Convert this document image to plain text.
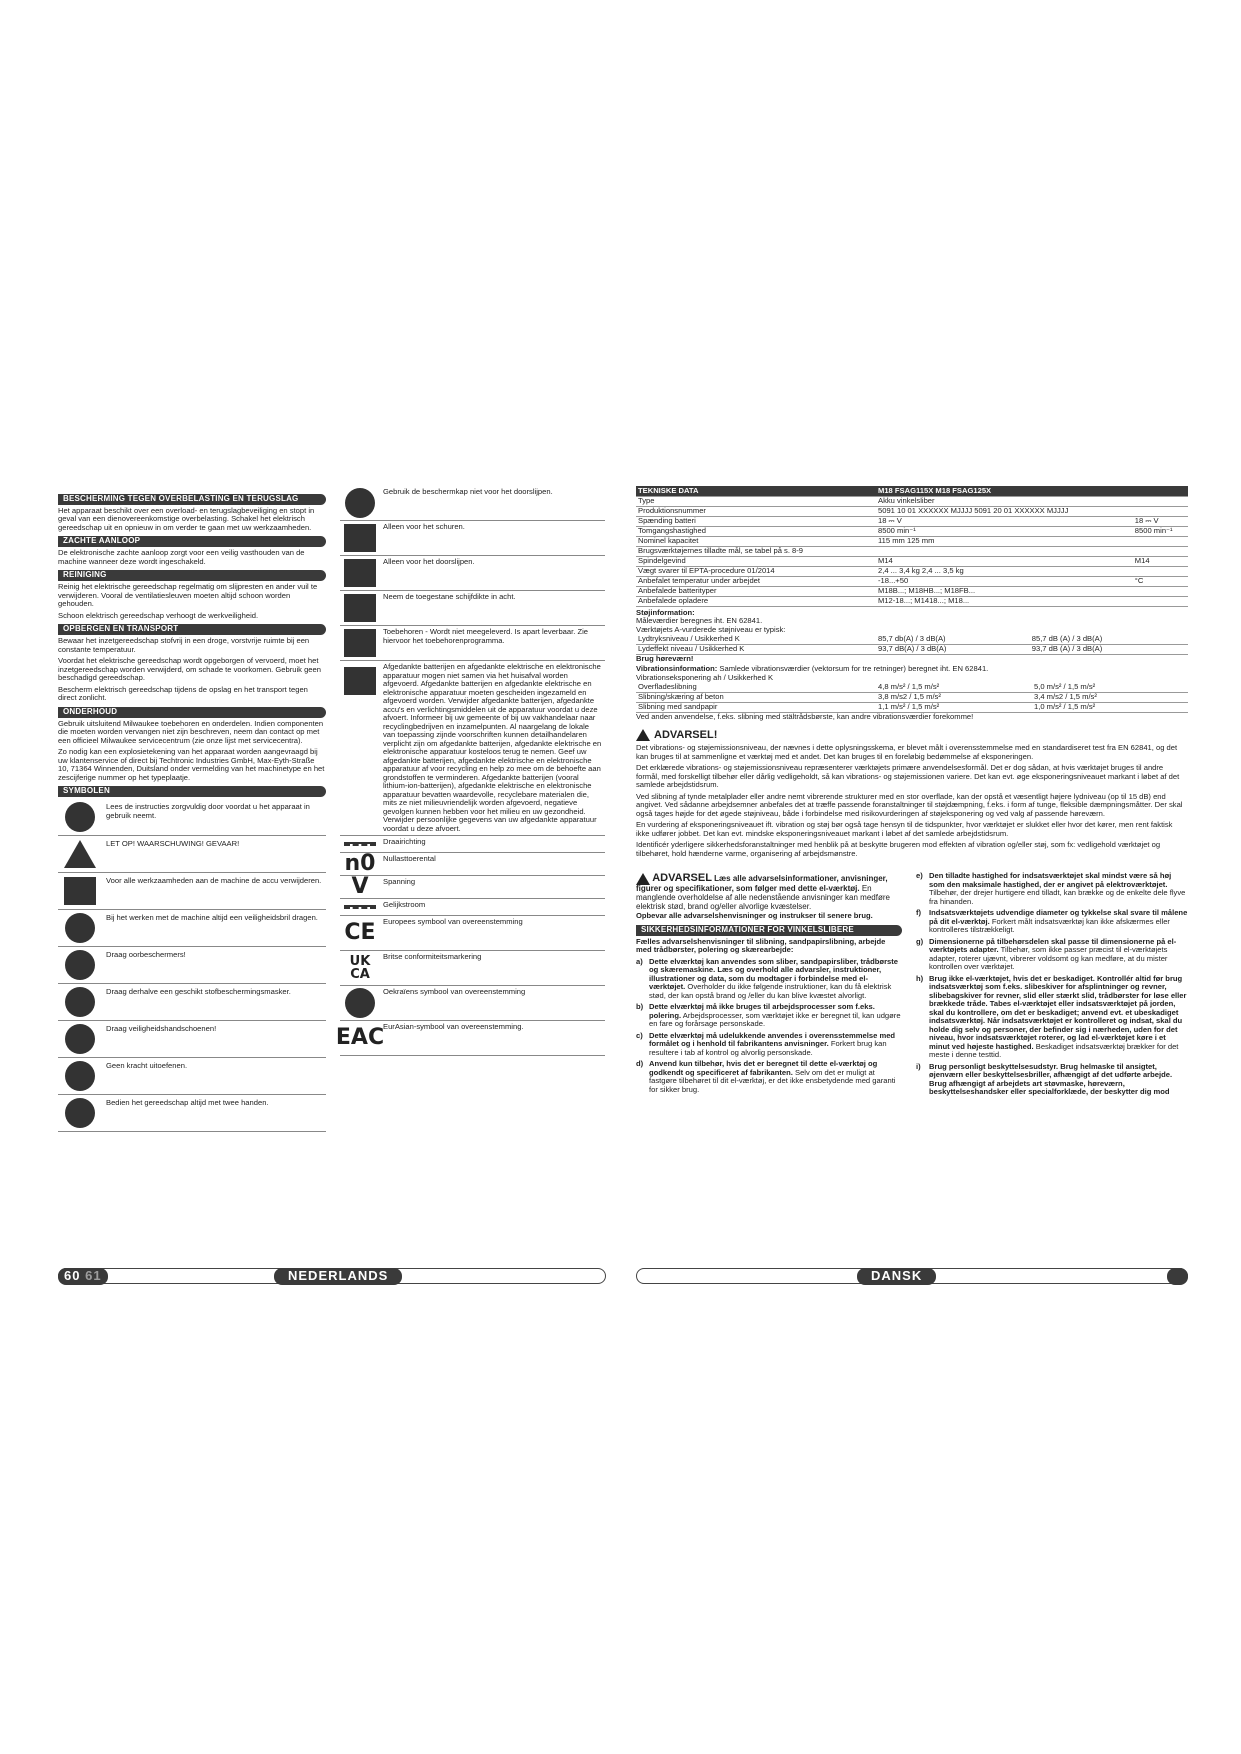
BESCHERMING TEGEN OVERBELASTING EN TERUGSLAG

Het apparaat beschikt over een overload- en terugslagbeveiliging en stopt in geval van een dienovereenkomstige overbelasting. Schakel het elektrisch gereedschap uit en opnieuw in om verder te gaan met uw werkzaamheden.

ZACHTE AANLOOP

De elektronische zachte aanloop zorgt voor een veilig vasthouden van de machine wanneer deze wordt ingeschakeld.

REINIGING

Reinig het elektrische gereedschap regelmatig om slijpresten en ander vuil te verwijderen. Vooral de ventilatiesleuven moeten altijd schoon worden gehouden.

Schoon elektrisch gereedschap verhoogt de werkveiligheid.

OPBERGEN EN TRANSPORT

Bewaar het inzetgereedschap stofvrij in een droge, vorstvrije ruimte bij een constante temperatuur.

Voordat het elektrische gereedschap wordt opgeborgen of vervoerd, moet het inzetgereedschap worden verwijderd, om schade te voorkomen. Gebruik geen beschadigd gereedschap.

Bescherm elektrisch gereedschap tijdens de opslag en het transport tegen direct zonlicht.

ONDERHOUD

Gebruik uitsluitend Milwaukee toebehoren en onderdelen. Indien componenten die moeten worden vervangen niet zijn beschreven, neem dan contact op met een officieel Milwaukee servicecentrum (zie onze lijst met servicecentra).

Zo nodig kan een explosietekening van het apparaat worden aangevraagd bij uw klantenservice of direct bij Techtronic Industries GmbH, Max-Eyth-Straße 10, 71364 Winnenden, Duitsland onder vermelding van het machinetype en het zescijferige nummer op het typeplaatje.

SYMBOLEN
Lees de instructies zorgvuldig door voordat u het apparaat in gebruik neemt.
LET OP! WAARSCHUWING! GEVAAR!
Voor alle werkzaamheden aan de machine de accu verwijderen.
Bij het werken met de machine altijd een veiligheidsbril dragen.
Draag oorbeschermers!
Draag derhalve een geschikt stofbeschermingsmasker.
Draag veiligheidshandschoenen!
Geen kracht uitoefenen.
Bedien het gereedschap altijd met twee handen.
Gebruik de beschermkap niet voor het doorslijpen.
Alleen voor het schuren.
Alleen voor het doorslijpen.
Neem de toegestane schijfdikte in acht.
Toebehoren - Wordt niet meegeleverd. Is apart leverbaar. Zie hiervoor het toebehorenprogramma.
Afgedankte batterijen en afgedankte elektrische en elektronische apparatuur mogen niet samen via het huisafval worden afgevoerd. Afgedankte batterijen en afgedankte elektrische en elektronische apparatuur moeten gescheiden ingezameld en afgevoerd worden. Verwijder afgedankte batterijen, afgedankte accu's en verlichtingsmiddelen uit de apparatuur voordat u deze afvoert. Informeer bij uw gemeente of bij uw vakhandelaar naar recyclingbedrijven en inzamelpunten. Al naargelang de lokale van toepassing zijnde voorschriften kunnen detailhandelaren verplicht zijn om afgedankte batterijen, afgedankte elektrische en elektronische apparatuur kosteloos terug te nemen. Geef uw afgedankte batterijen, afgedankte elektrische en elektronische apparatuur af voor recycling en help zo mee om de behoefte aan grondstoffen te verminderen. Afgedankte batterijen (vooral lithium-ion-batterijen), afgedankte elektrische en elektronische apparatuur bevatten waardevolle, recyclebare materialen die, mits ze niet milieuvriendelijk worden afgevoerd, negatieve gevolgen kunnen hebben voor het milieu en uw gezondheid. Verwijder persoonlijke gegevens van uw afgedankte apparatuur voordat u deze afvoert.
Draairichting
n0 Nullasttoerental
V	Spanning
Gelijkstroom
CE Europees symbool van overeenstemming
UK CA
Britse conformiteitsmarkering
Oekraïens symbool van overeenstemming
EAC
EurAsian-symbool van overeenstemming.
TEKNISKE DATA	M18 FSAG115X M18 FSAG125X	
Type	Akku vinkelsliber	
Produktionsnummer	5091 10 01 XXXXXX MJJJJ 5091 20 01 XXXXXX MJJJJ	
Spænding batteri	18 ⎓ V	18 ⎓ V
Tomgangshastighed	8500 min⁻¹	8500 min⁻¹
Nominel kapacitet	115 mm 125 mm	
Brugsværktøjernes tilladte mål, se tabel på s. 8-9		
Spindelgevind	M14	M14
Vægt svarer til EPTA-procedure 01/2014	2,4 ... 3,4 kg 2,4 ... 3,5 kg	
Anbefalet temperatur under arbejdet	-18...+50	°C
Anbefalede batterityper	M18B...; M18HB...; M18FB...	
Anbefalede opladere	M12-18...; M1418...; M18...	
Støjinformation:
Måleværdier beregnes iht. EN 62841.
Værktøjets A-vurderede støjniveau er typisk:
Lydtryksniveau / Usikkerhed K	85,7 db(A) / 3 dB(A)	85,7 dB (A) / 3 dB(A)
Lydeffekt niveau / Usikkerhed K	93,7 dB(A) / 3 dB(A)	93,7 dB (A) / 3 dB(A)
Brug høreværn!
Vibrationsinformation: Samlede vibrationsværdier (vektorsum for tre retninger) beregnet iht. EN 62841.
Vibrationseksponering ah / Usikkerhed K
Overfladeslibning	4,8 m/s² / 1,5 m/s²	5,0 m/s² / 1,5 m/s²
Slibning/skæring af beton	3,8 m/s2 / 1,5 m/s²	3,4 m/s2 / 1,5 m/s²
Slibning med sandpapir	1,1 m/s² / 1,5 m/s²	1,0 m/s² / 1,5 m/s²
Ved anden anvendelse, f.eks. slibning med stältrådsbørste, kan andre vibrationsværdier forekomme!
ADVARSEL!

Det vibrations- og støjemissionsniveau, der nævnes i dette oplysningsskema, er blevet målt i overensstemmelse med en standardiseret test fra EN 62841, og det kan bruges til at sammenligne et værktøj med et andet. Det kan bruges til en foreløbig bedømmelse af eksponeringen.

Det erklærede vibrations- og støjemissionsniveau repræsenterer værktøjets primære anvendelsesformål. Det er dog sådan, at hvis værktøjet bruges til andre formål, med forskelligt tilbehør eller dårlig vedligeholdt, så kan vibrations- og støjemissionen variere. Det kan evt. øge eksponeringsniveauet markant i løbet af det samlede arbejdstidsrum.

Ved slibning af tynde metalplader eller andre nemt vibrerende strukturer med en stor overflade, kan der opstå et væsentligt højere lydniveau (op til 15 dB) end angivet. Ved sådanne arbejdsemner anbefales det at træffe passende foranstaltninger til støjdæmpning, f.eks. i form af tunge, fleksible dæmpningsmåtter. Der skal også tages højde for det øgede støjniveau, både i forbindelse med risikovurderingen af støjeksponering og ved valg af passende høreværn.

En vurdering af eksponeringsniveauet ift. vibration og støj bør også tage hensyn til de tidspunkter, hvor værktøjet er slukket eller hvor det kører, men rent faktisk ikke udfører jobbet. Det kan evt. mindske eksponeringsniveauet markant i løbet af det samlede arbejdstidsrum.

Identificér yderligere sikkerhedsforanstaltninger med henblik på at beskytte brugeren mod effekten af vibration og/eller støj, som fx: vedligehold værktøjet og tilbehøret, hold hænderne varme, organisering af arbejdsmønstre.

ADVARSEL Læs alle advarselsinformationer, anvisninger, figurer og specifikationer, som følger med dette el-værktøj. En manglende overholdelse af alle nedenstående anvisninger kan medføre elektrisk stød, brand og/eller alvorlige kvæstelser.
Opbevar alle advarselshenvisninger og instrukser til senere brug.
SIKKERHEDSINFORMATIONER FOR VINKELSLIBERE
Fælles advarselshenvisninger til slibning, sandpapirslibning, arbejde med trådbørster, polering og skærearbejde:
a) Dette elværktøj kan anvendes som sliber, sandpapirsliber, trådbørste og skæremaskine. Læs og overhold alle advarsler, instruktioner, illustrationer og data, som du modtager i forbindelse med el-værktøjet. Overholder du ikke følgende instruktioner, kan du få elektrisk stød, der kan opstå brand og /eller du kan blive kvæstet alvorligt.
b) Dette elværktøj må ikke bruges til arbejdsprocesser som f.eks. polering. Arbejdsprocesser, som værktøjet ikke er beregnet til, kan udgøre en fare og forårsage personskade.
c) Dette elværktøj må udelukkende anvendes i overensstemmelse med formålet og i henhold til fabrikantens anvisninger. Forkert brug kan resultere i tab af kontrol og alvorlig personskade.
d) Anvend kun tilbehør, hvis det er beregnet til dette el-værktøj og godkendt og specificeret af fabrikanten. Selv om det er muligt at fastgøre tilbehøret til dit el-værktøj, er det ikke ensbetydende med garanti for sikker brug.
e) Den tilladte hastighed for indsatsværktøjet skal mindst være så høj som den maksimale hastighed, der er angivet på elektroværktøjet. Tilbehør, der drejer hurtigere end tilladt, kan brække og de enkelte dele flyve fra hinanden.
f)	Indsatsværktøjets udvendige diameter og tykkelse skal svare til målene på dit el-værktøj. Forkert målt indsatsværktøj kan ikke afskærmes eller kontrolleres tilstrækkeligt.
g) Dimensionerne på tilbehørsdelen skal passe til dimensionerne på el-værktøjets adapter. Tilbehør, som ikke passer præcist til el-værktøjets adapter, roterer ujævnt, vibrerer voldsomt og kan medføre, at du mister kontrollen over værktøjet.
h) Brug ikke el-værktøjet, hvis det er beskadiget. Kontrollér altid før brug indsatsværktøj som f.eks. slibeskiver for afsplintninger og revner, slibebagskiver for revner, slid eller stærkt slid, trådbørster for løse eller brækkede tråde. Tabes el-værktøjet eller indsatsværktøjet på jorden, skal du kontrollere, om det er beskadiget; anvend evt. et ubeskadiget indsatsværktøj. Når indsatsværktøjet er kontrolleret og indsat, skal du holde dig selv og personer, der befinder sig i nærheden, uden for det niveau, hvor indsatsværktøjet roterer, og lad el-værktøjet køre i et minut ved højeste hastighed. Beskadiget indsatsværktøj brækker for det meste i denne testtid.
i)	Brug personligt beskyttelsesudstyr. Brug helmaske til ansigtet, øjenværn eller beskyttelsesbriller, afhængigt af det udførte arbejde. Brug afhængigt af arbejdets art støvmaske, høreværn, beskyttelseshandsker eller specialforklæde, der beskytter dig mod
60 61	NEDERLANDS	DANSK
